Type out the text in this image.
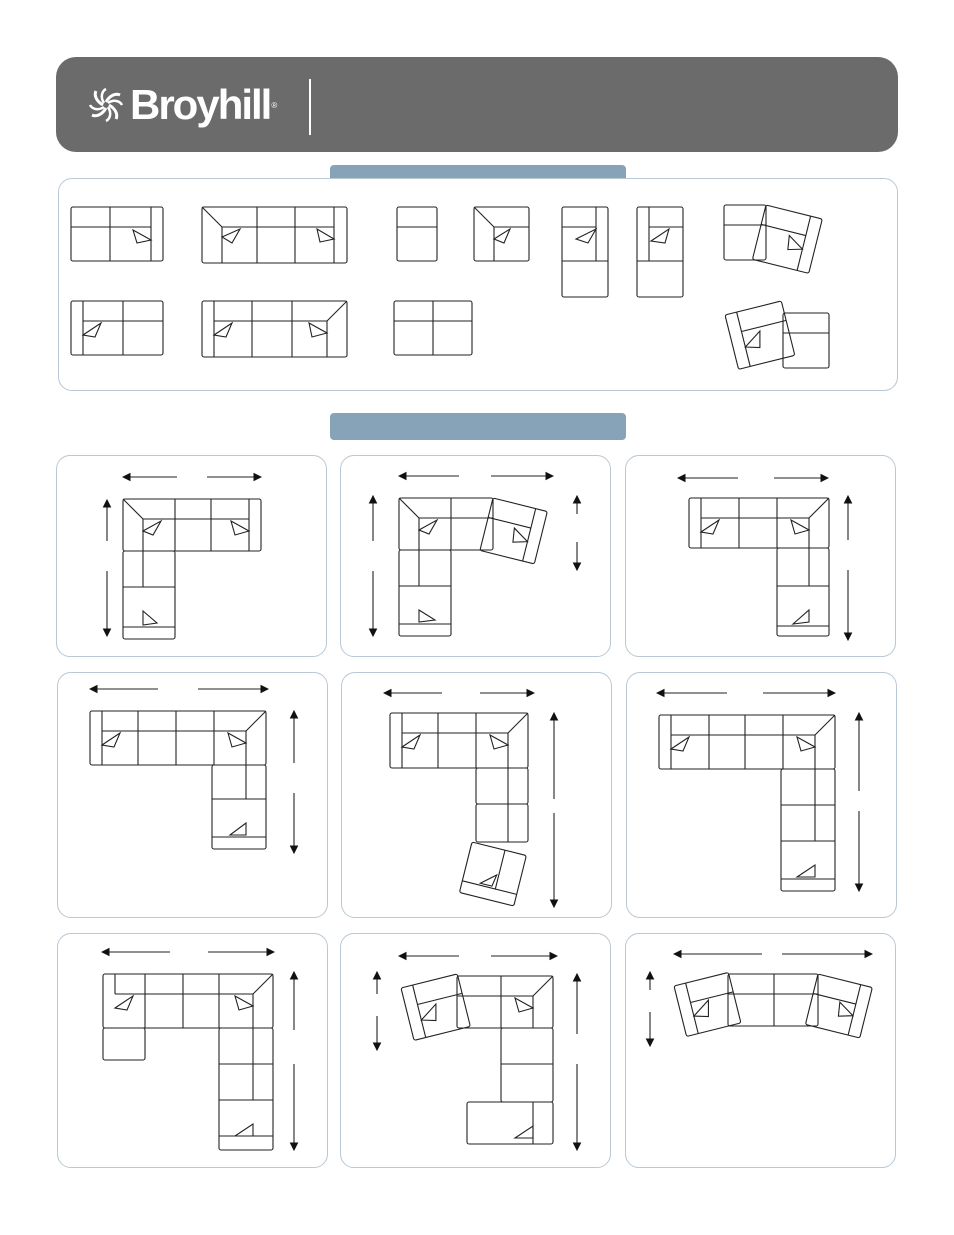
Broyhill ®
